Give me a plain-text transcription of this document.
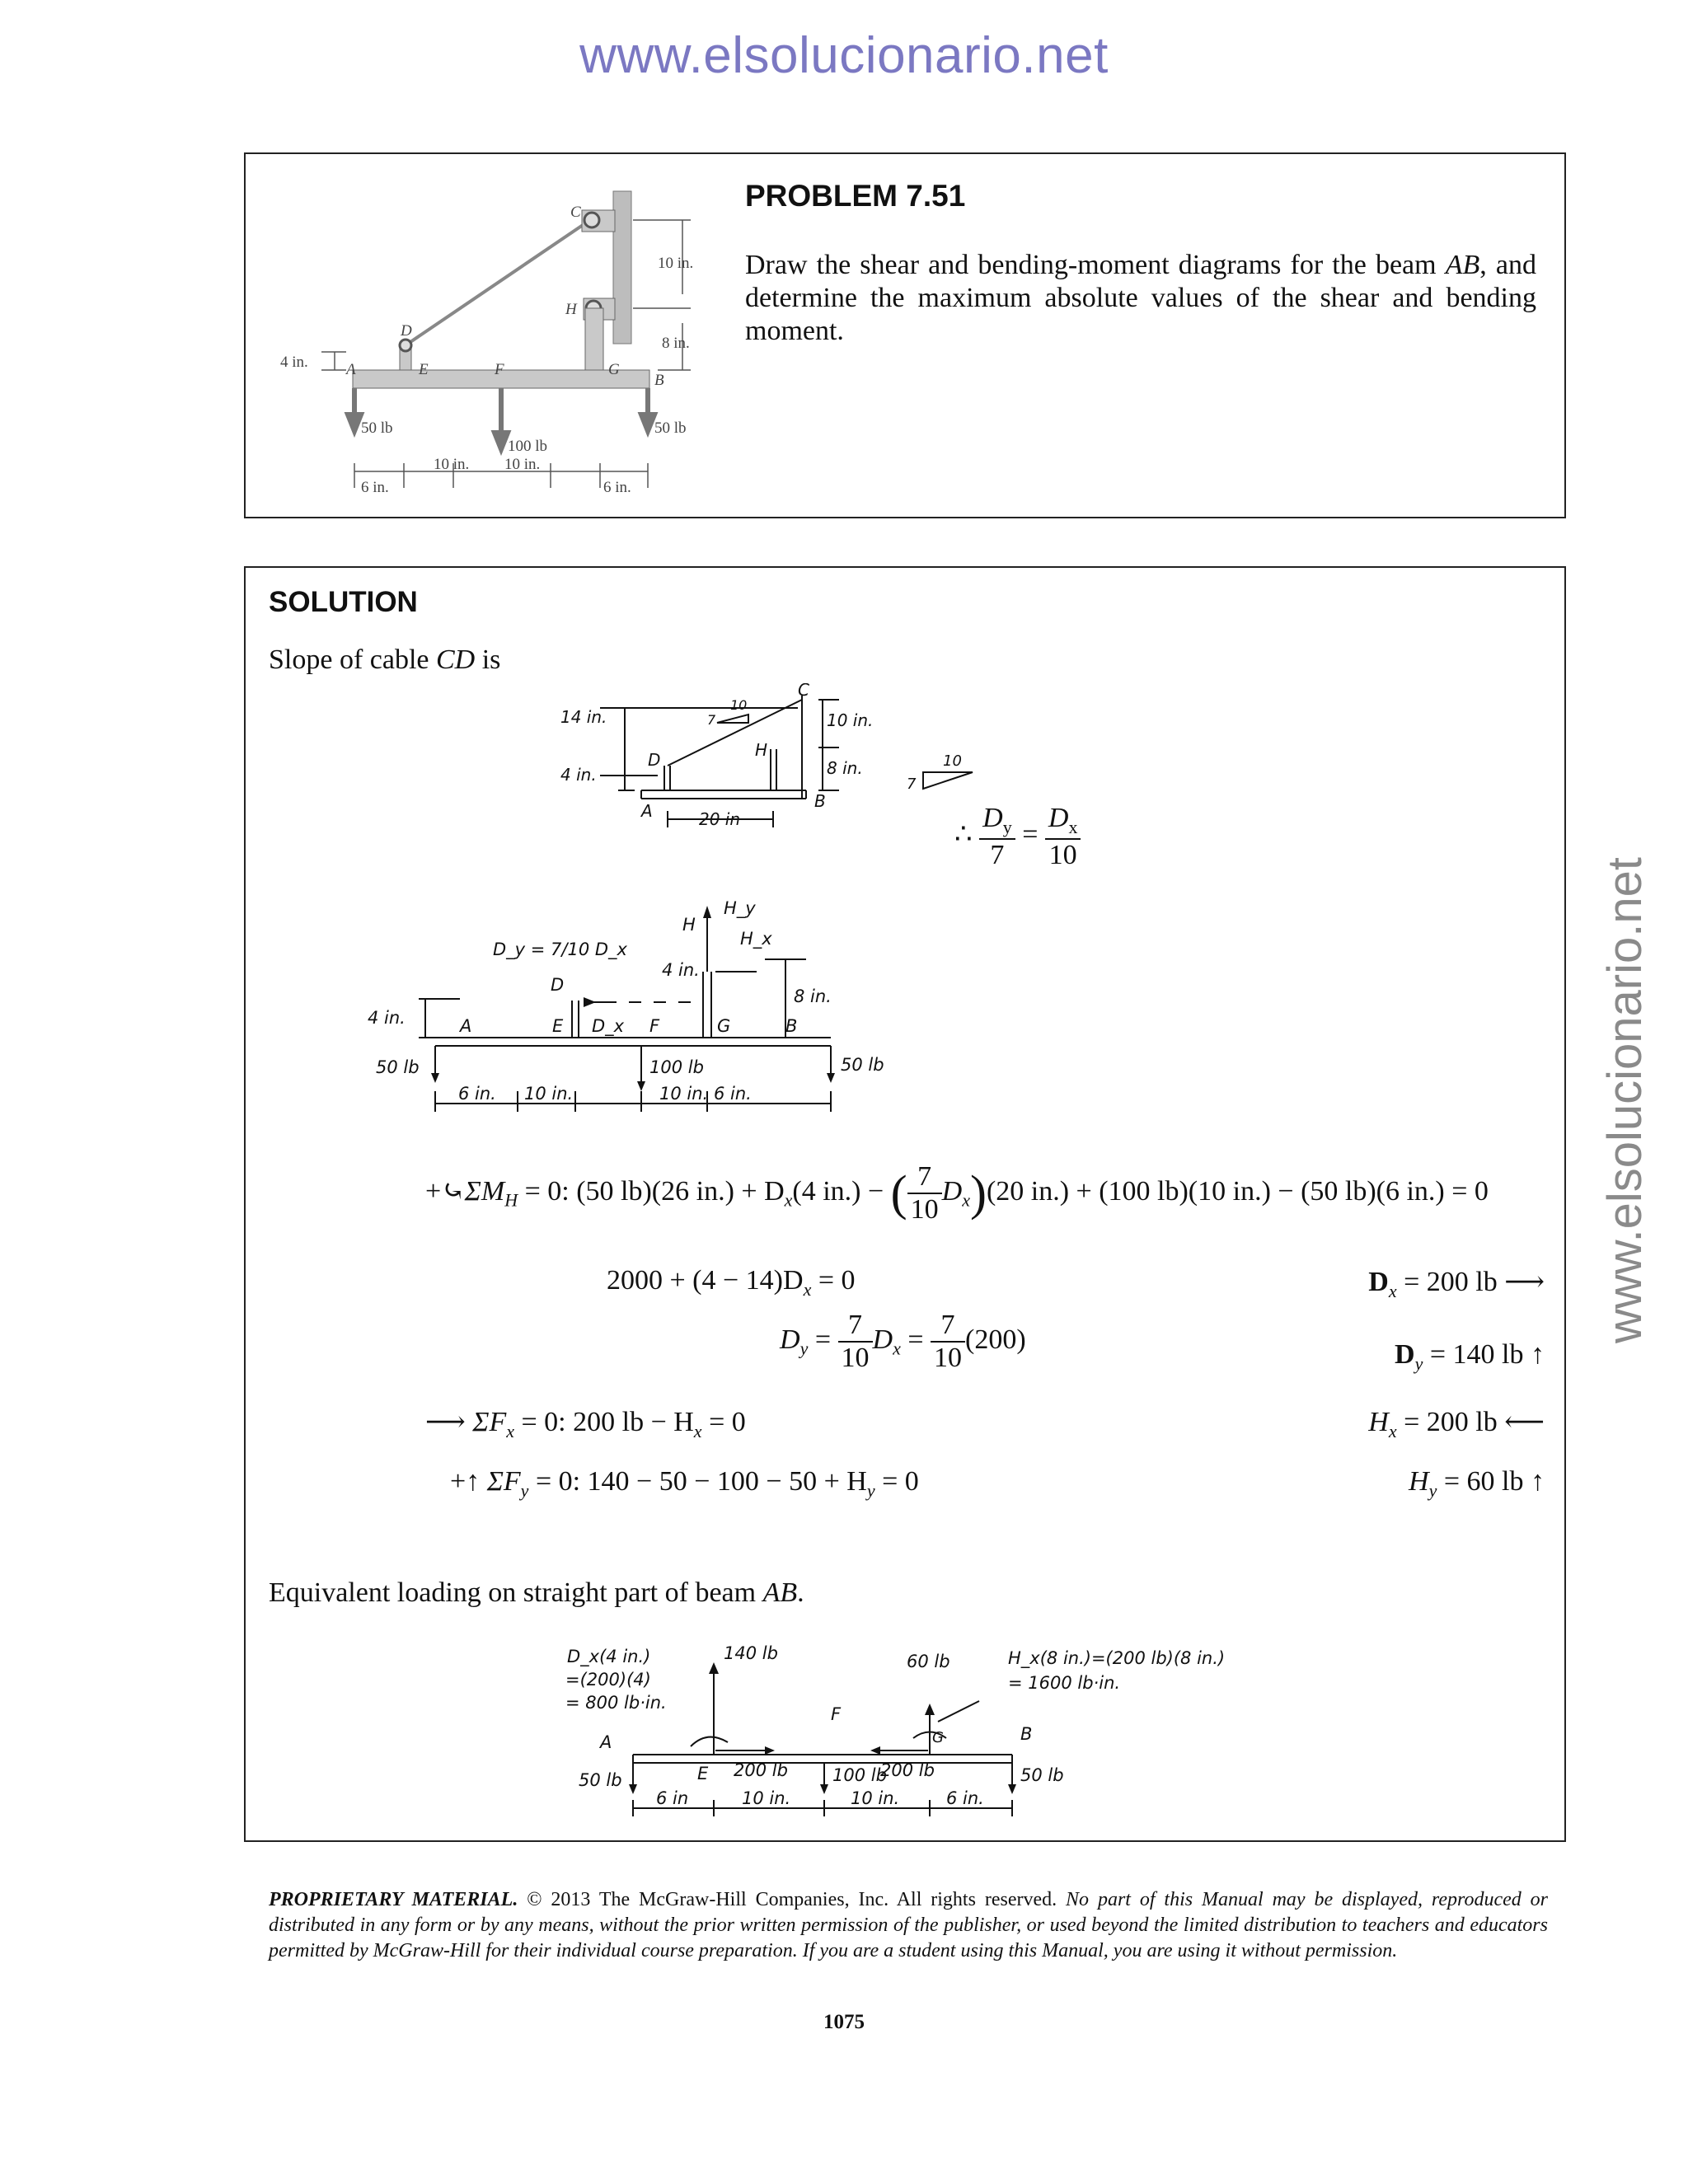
www.elsolucionario.net
www.elsolucionario.net
C
H
D
A	E	F	G
B
10 in.
8 in.
4 in.
50 lb
100 lb
50 lb
6 in.
10 in. 10 in.
6 in.
PROBLEM 7.51
Draw the shear and bending-moment diagrams for the beam AB, and determine the maximum absolute values of the shear and bending moment.
SOLUTION
Slope of cable CD is
C
14 in.
4 in.
D
A
H
B
10
7	10 in.
8 in.
20 in
10
7
∴ $\frac{D_y}{7} = \frac{D_x}{10}$
H_y
H
H_x
D_y = 7/10 D_x
D
4 in.
D_x F
E	G	B
A
4 in.
8 in.
50 lb	100 lb	50 lb
6 in. 10 in.	10 in. 6 in.
$+⤿\Sigma M_H = 0$: (50 lb)(26 $in.) + D_x(4$ in.) − ( $\frac{7}{10} D_x)(20$ in.) + (100 lb)(10 in.) − (50 lb)(6 in.) = 0
$2000 + (4 - 14)D_x = 0$	$D_x = 200$ lb ⟶
$D_y = \frac{7}{10} D_x = \frac{7}{10} (200)$	$D_y = 140$ lb ↑
⟶ $\Sigma F_x = 0$: 200 lb − $H_x = 0$	$H_x = 200$ lb ⟵
+↑ $\Sigma F_y = 0$: $140 - 50 - 100 - 50 + H_y = 0$	$H_y = 60$ lb ↑
Equivalent loading on straight part of beam AB.
D_x(4 in.)
=(200)(4)
= 800 lb·in.
A
140 lb	60 lb
F
G
H_x(8 in.)=(200 lb)(8 in.)
= 1600 lb·in.
B
E 200 lb	100 lb
200 lb
50 lb	50 lb
6 in	10 in.	10 in.	6 in.
PROPRIETARY MATERIAL. © 2013 The McGraw-Hill Companies, Inc. All rights reserved. No part of this Manual may be displayed, reproduced or distributed in any form or by any means, without the prior written permission of the publisher, or used beyond the limited distribution to teachers and educators permitted by McGraw-Hill for their individual course preparation. If you are a student using this Manual, you are using it without permission.
1075
